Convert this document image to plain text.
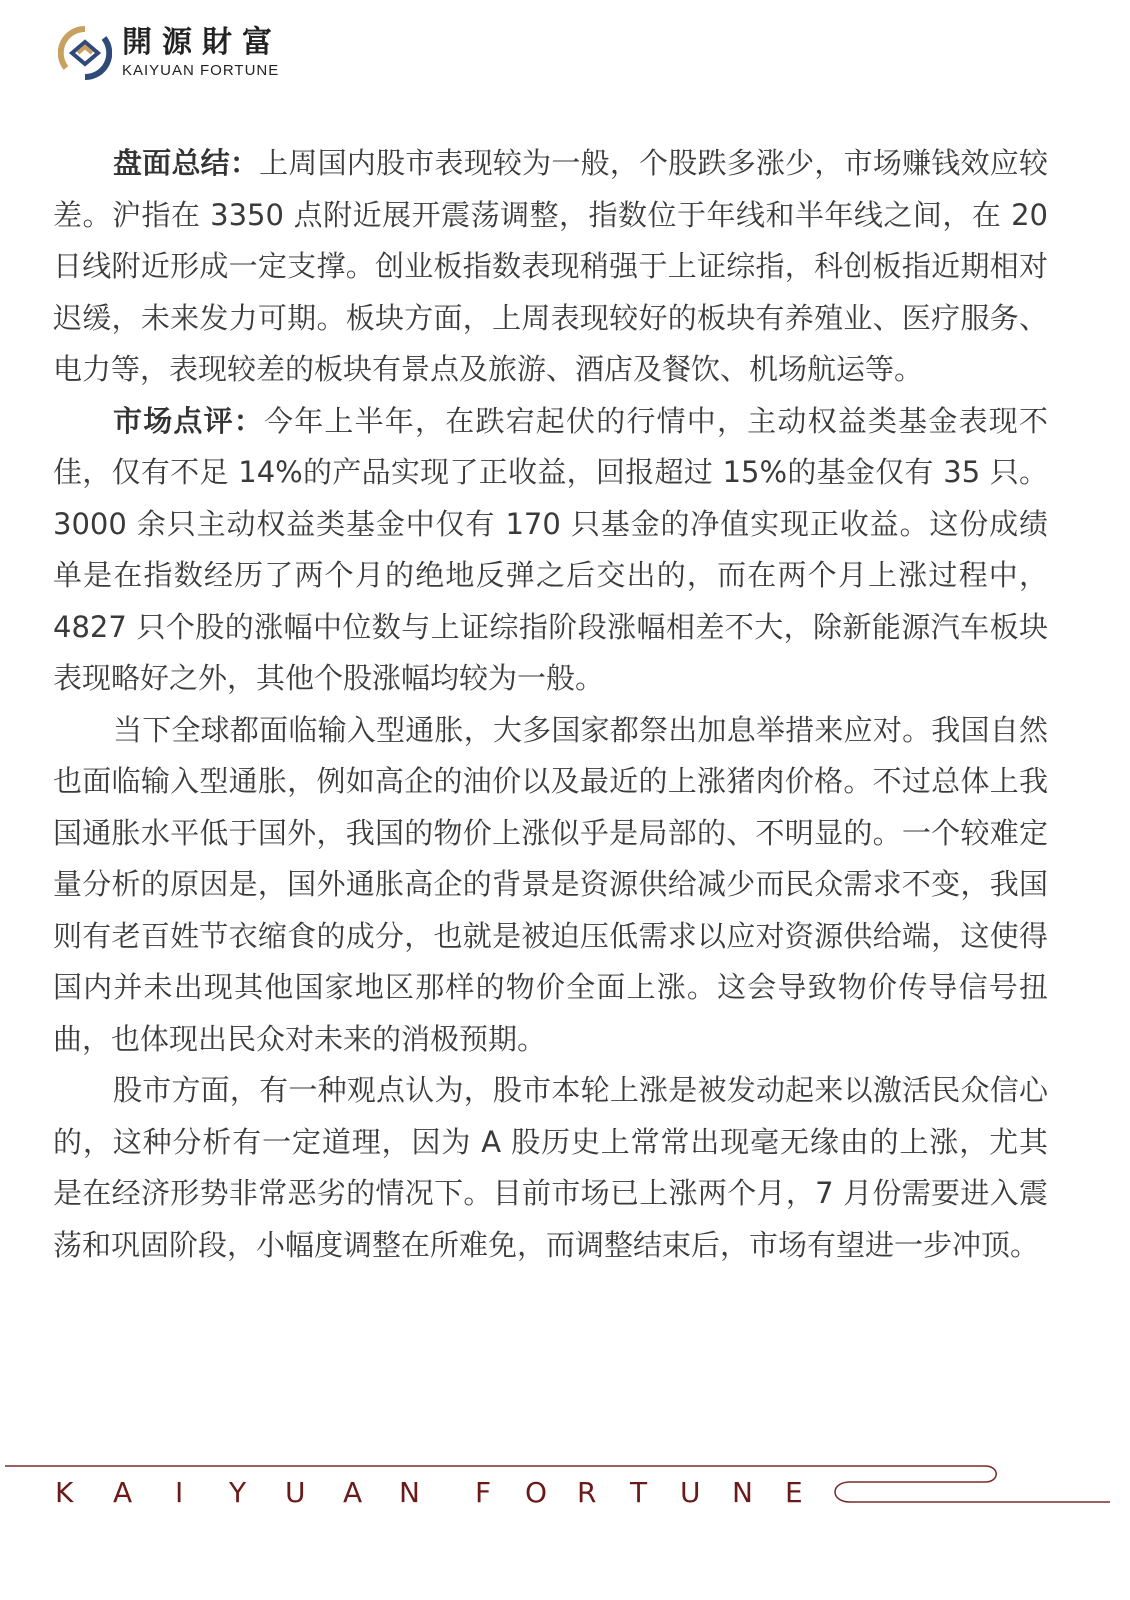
開源財富
KAIYUAN FORTUNE

盘面总结：上周国内股市表现较为一般，个股跌多涨少，市场赚钱效应较差。沪指在 3350 点附近展开震荡调整，指数位于年线和半年线之间，在 20 日线附近形成一定支撑。创业板指数表现稍强于上证综指，科创板指近期相对迟缓，未来发力可期。板块方面，上周表现较好的板块有养殖业、医疗服务、电力等，表现较差的板块有景点及旅游、酒店及餐饮、机场航运等。

市场点评：今年上半年，在跌宕起伏的行情中，主动权益类基金表现不佳，仅有不足 14%的产品实现了正收益，回报超过 15%的基金仅有 35 只。3000 余只主动权益类基金中仅有 170 只基金的净值实现正收益。这份成绩单是在指数经历了两个月的绝地反弹之后交出的，而在两个月上涨过程中，4827 只个股的涨幅中位数与上证综指阶段涨幅相差不大，除新能源汽车板块表现略好之外，其他个股涨幅均较为一般。

当下全球都面临输入型通胀，大多国家都祭出加息举措来应对。我国自然也面临输入型通胀，例如高企的油价以及最近的上涨猪肉价格。不过总体上我国通胀水平低于国外，我国的物价上涨似乎是局部的、不明显的。一个较难定量分析的原因是，国外通胀高企的背景是资源供给减少而民众需求不变，我国则有老百姓节衣缩食的成分，也就是被迫压低需求以应对资源供给端，这使得国内并未出现其他国家地区那样的物价全面上涨。这会导致物价传导信号扭曲，也体现出民众对未来的消极预期。

股市方面，有一种观点认为，股市本轮上涨是被发动起来以激活民众信心的，这种分析有一定道理，因为 A 股历史上常常出现毫无缘由的上涨，尤其是在经济形势非常恶劣的情况下。目前市场已上涨两个月，7 月份需要进入震荡和巩固阶段，小幅度调整在所难免，而调整结束后，市场有望进一步冲顶。

K A I Y U A N F O R T U N E
